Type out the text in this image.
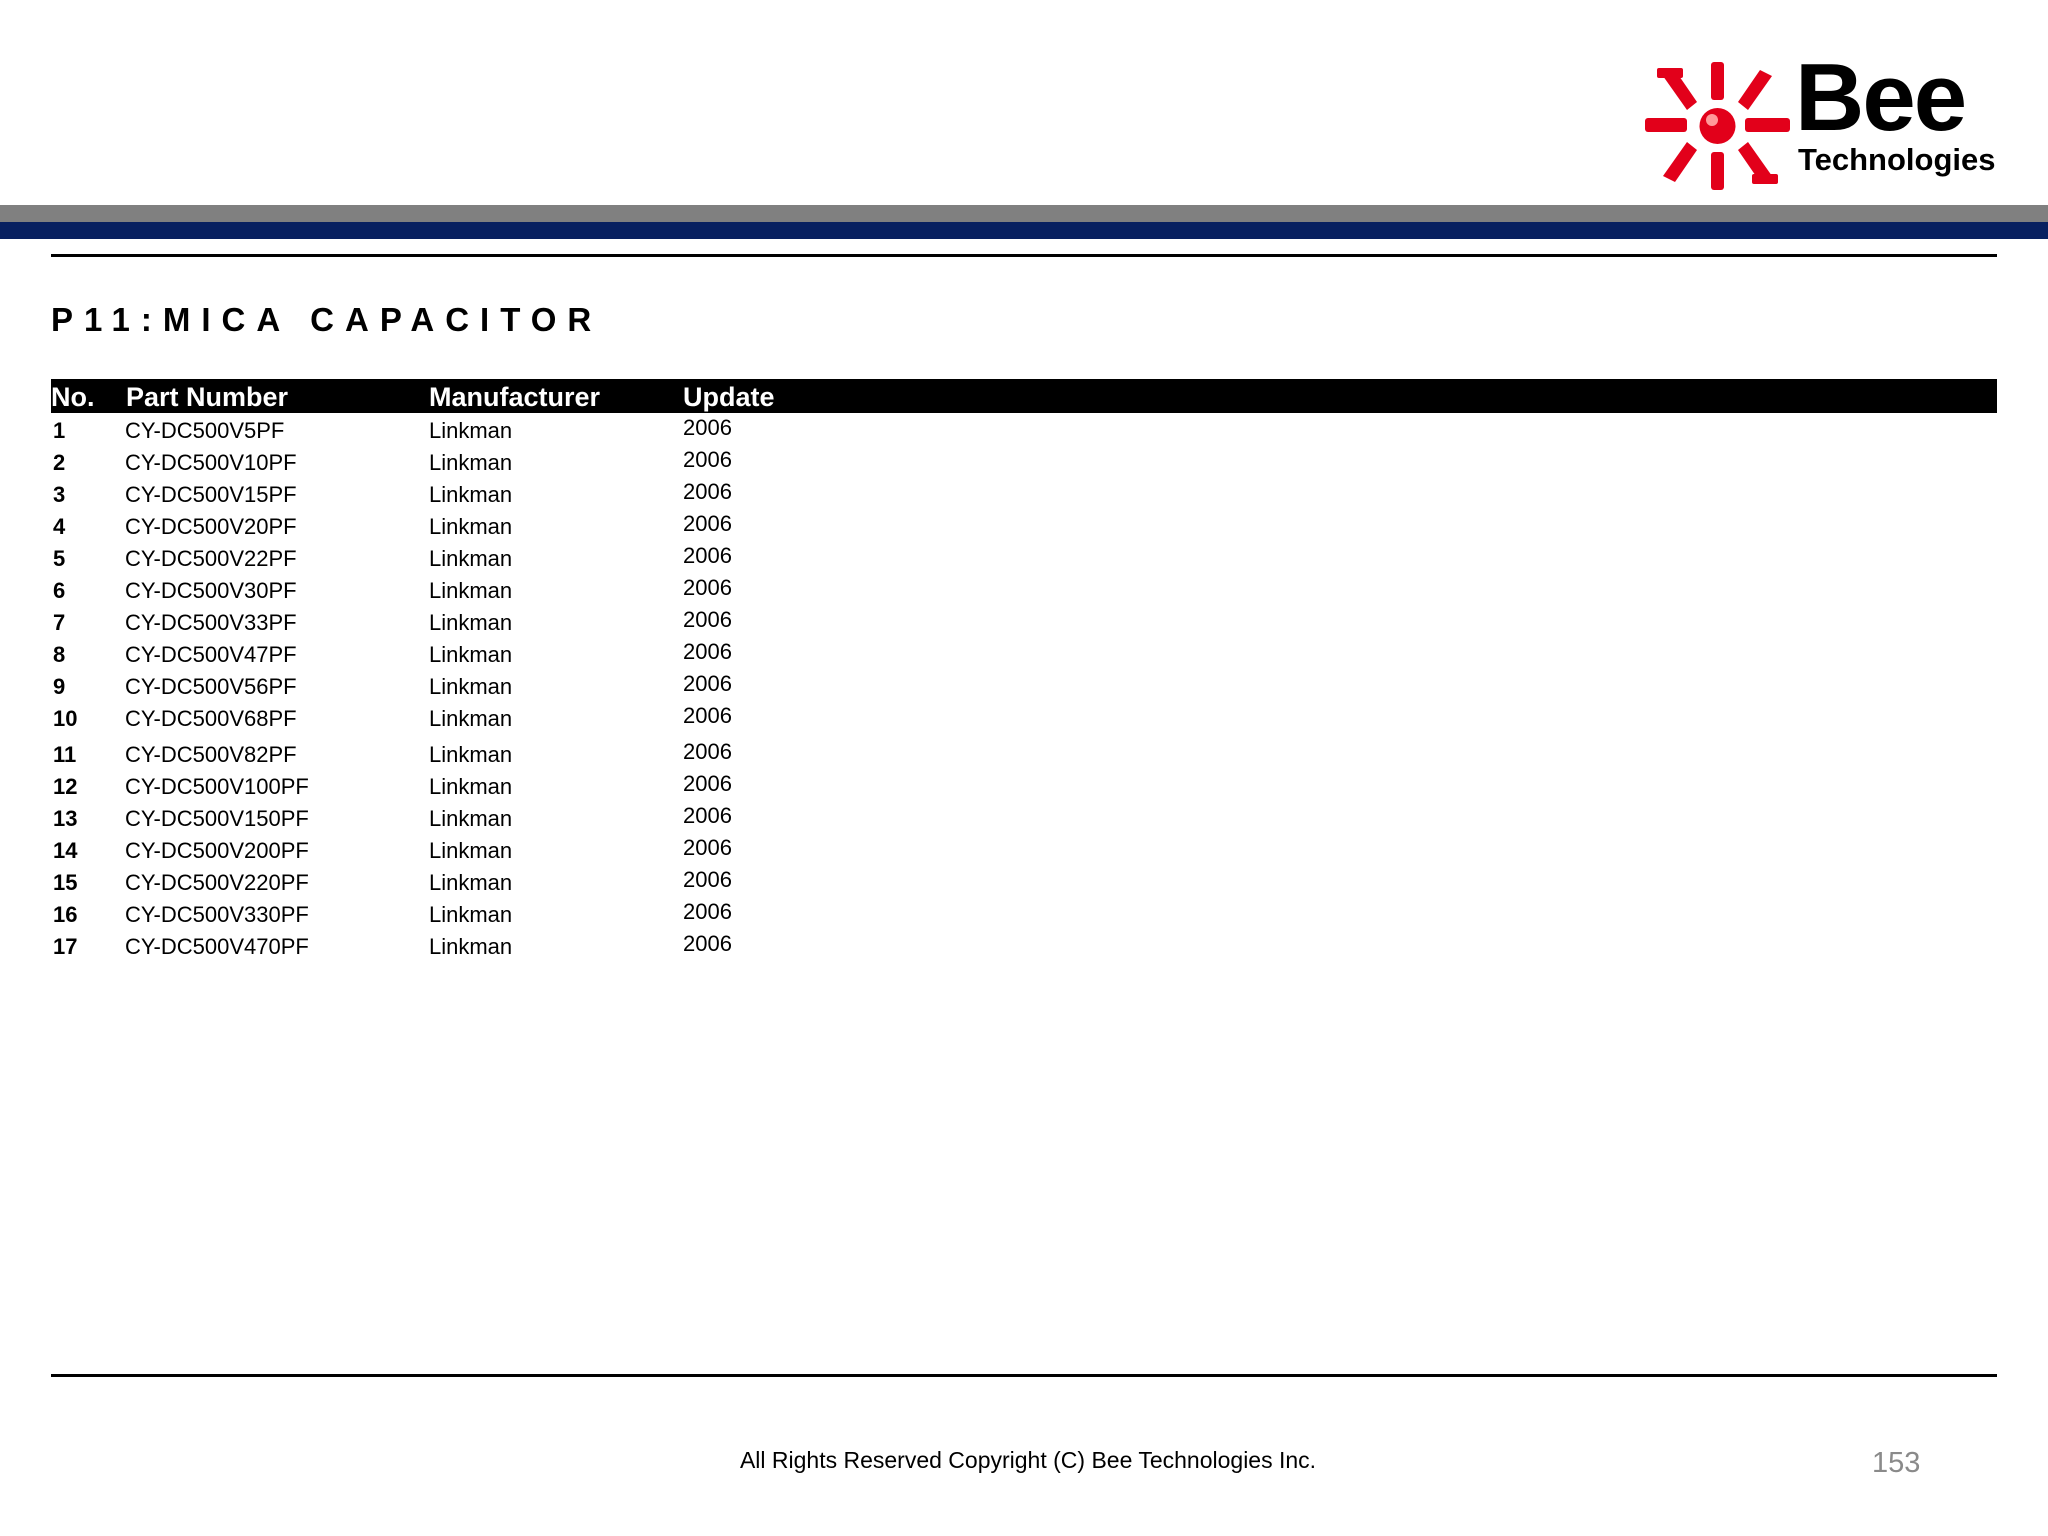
Bee
Technologies
P11:MICA CAPACITOR
No. Part Number	Manufacturer	Update
1	CY-DC500V5PF	Linkman	2006
2	CY-DC500V10PF	Linkman	2006
3	CY-DC500V15PF	Linkman	2006
4	CY-DC500V20PF	Linkman	2006
5	CY-DC500V22PF	Linkman	2006
6	CY-DC500V30PF	Linkman	2006
7	CY-DC500V33PF	Linkman	2006
8	CY-DC500V47PF	Linkman	2006
9	CY-DC500V56PF	Linkman	2006
10 CY-DC500V68PF	Linkman	2006
11 CY-DC500V82PF	Linkman	2006
12 CY-DC500V100PF	Linkman	2006
13 CY-DC500V150PF	Linkman	2006
14 CY-DC500V200PF	Linkman	2006
15 CY-DC500V220PF	Linkman	2006
16 CY-DC500V330PF	Linkman	2006
17 CY-DC500V470PF	Linkman	2006
All Rights Reserved Copyright (C) Bee Technologies Inc.	153
